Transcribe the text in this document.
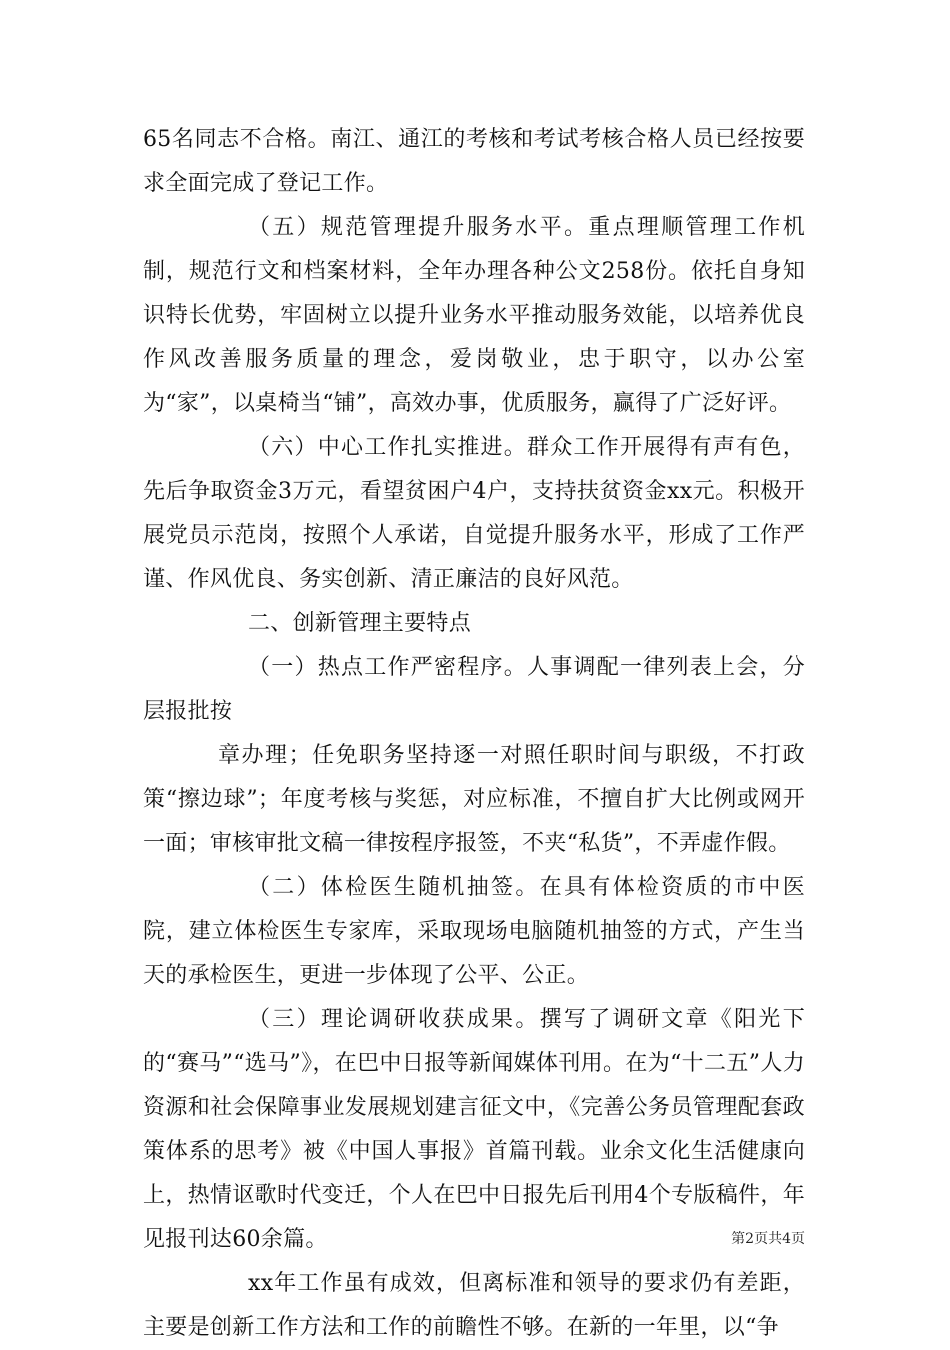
65名同志不合格。南江、通江的考核和考试考核合格人员已经按要求全面完成了登记工作。

（五）规范管理提升服务水平。重点理顺管理工作机制，规范行文和档案材料，全年办理各种公文258份。依托自身知识特长优势，牢固树立以提升业务水平推动服务效能，以培养优良作风改善服务质量的理念，爱岗敬业，忠于职守，以办公室为“家”，以桌椅当“铺”，高效办事，优质服务，赢得了广泛好评。

（六）中心工作扎实推进。群众工作开展得有声有色，先后争取资金3万元，看望贫困户4户，支持扶贫资金xx元。积极开展党员示范岗，按照个人承诺，自觉提升服务水平，形成了工作严谨、作风优良、务实创新、清正廉洁的良好风范。

二、创新管理主要特点

（一）热点工作严密程序。人事调配一律列表上会，分层报批按

章办理；任免职务坚持逐一对照任职时间与职级，不打政策“擦边球”；年度考核与奖惩，对应标准，不擅自扩大比例或网开一面；审核审批文稿一律按程序报签，不夹“私货”，不弄虚作假。

（二）体检医生随机抽签。在具有体检资质的市中医院，建立体检医生专家库，采取现场电脑随机抽签的方式，产生当天的承检医生，更进一步体现了公平、公正。

（三）理论调研收获成果。撰写了调研文章《阳光下的“赛马”“选马”》，在巴中日报等新闻媒体刊用。在为“十二五”人力资源和社会保障事业发展规划建言征文中，《完善公务员管理配套政策体系的思考》被《中国人事报》首篇刊载。业余文化生活健康向上，热情讴歌时代变迁，个人在巴中日报先后刊用4个专版稿件，年见报刊达60余篇。

xx年工作虽有成效，但离标准和领导的要求仍有差距，主要是创新工作方法和工作的前瞻性不够。在新的一年里，以“争

第2页共4页
